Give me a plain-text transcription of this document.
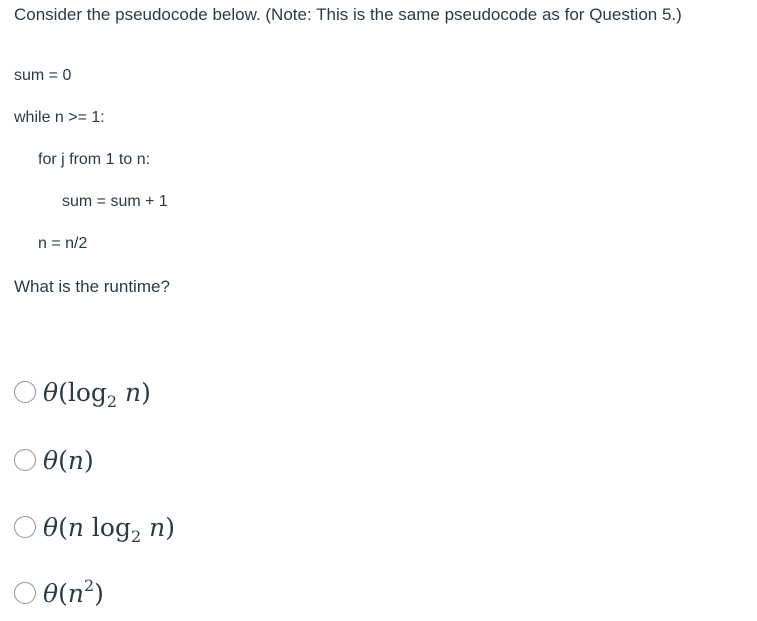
Consider the pseudocode below. (Note: This is the same pseudocode as for Question 5.)

sum = 0
while n >= 1:
for j from 1 to n:
sum = sum + 1
n = n/2
What is the runtime?
$\theta(\log_2$ n)
θ(n)
θ(n $\log_2 n$)
$\theta(n^2)$
